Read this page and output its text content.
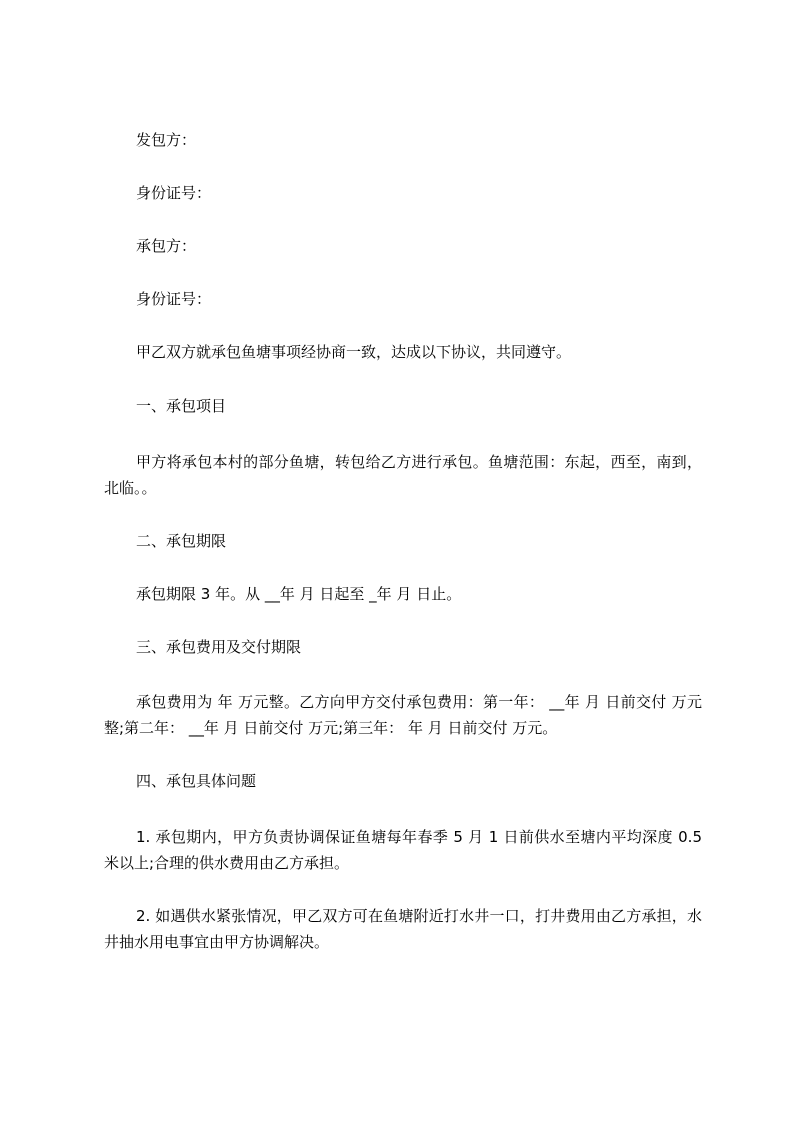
发包方：
身份证号：
承包方：
身份证号：
甲乙双方就承包鱼塘事项经协商一致，达成以下协议，共同遵守。
一、承包项目
甲方将承包本村的部分鱼塘，转包给乙方进行承包。鱼塘范围：东起，西至，南到，北临。。
二、承包期限
承包期限 3 年。从 __年 月 日起至 _年 月 日止。
三、承包费用及交付期限
承包费用为 年 万元整。乙方向甲方交付承包费用：第一年： __年 月 日前交付 万元整;第二年： __年 月 日前交付 万元;第三年： 年 月 日前交付 万元。
四、承包具体问题
1. 承包期内，甲方负责协调保证鱼塘每年春季 5 月 1 日前供水至塘内平均深度 0.5 米以上;合理的供水费用由乙方承担。
2. 如遇供水紧张情况，甲乙双方可在鱼塘附近打水井一口，打井费用由乙方承担，水井抽水用电事宜由甲方协调解决。
